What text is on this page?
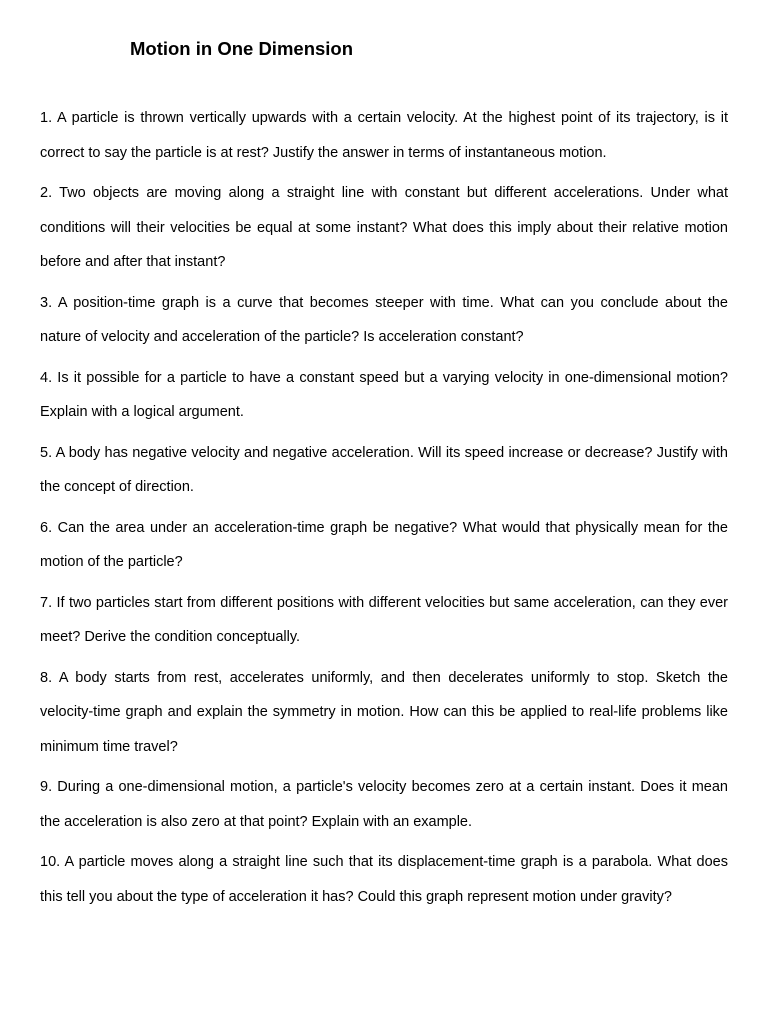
Motion in One Dimension
1. A particle is thrown vertically upwards with a certain velocity. At the highest point of its trajectory, is it correct to say the particle is at rest? Justify the answer in terms of instantaneous motion.
2. Two objects are moving along a straight line with constant but different accelerations. Under what conditions will their velocities be equal at some instant? What does this imply about their relative motion before and after that instant?
3. A position-time graph is a curve that becomes steeper with time. What can you conclude about the nature of velocity and acceleration of the particle? Is acceleration constant?
4. Is it possible for a particle to have a constant speed but a varying velocity in one-dimensional motion? Explain with a logical argument.
5. A body has negative velocity and negative acceleration. Will its speed increase or decrease? Justify with the concept of direction.
6. Can the area under an acceleration-time graph be negative? What would that physically mean for the motion of the particle?
7. If two particles start from different positions with different velocities but same acceleration, can they ever meet? Derive the condition conceptually.
8. A body starts from rest, accelerates uniformly, and then decelerates uniformly to stop. Sketch the velocity-time graph and explain the symmetry in motion. How can this be applied to real-life problems like minimum time travel?
9. During a one-dimensional motion, a particle's velocity becomes zero at a certain instant. Does it mean the acceleration is also zero at that point? Explain with an example.
10. A particle moves along a straight line such that its displacement-time graph is a parabola. What does this tell you about the type of acceleration it has? Could this graph represent motion under gravity?
